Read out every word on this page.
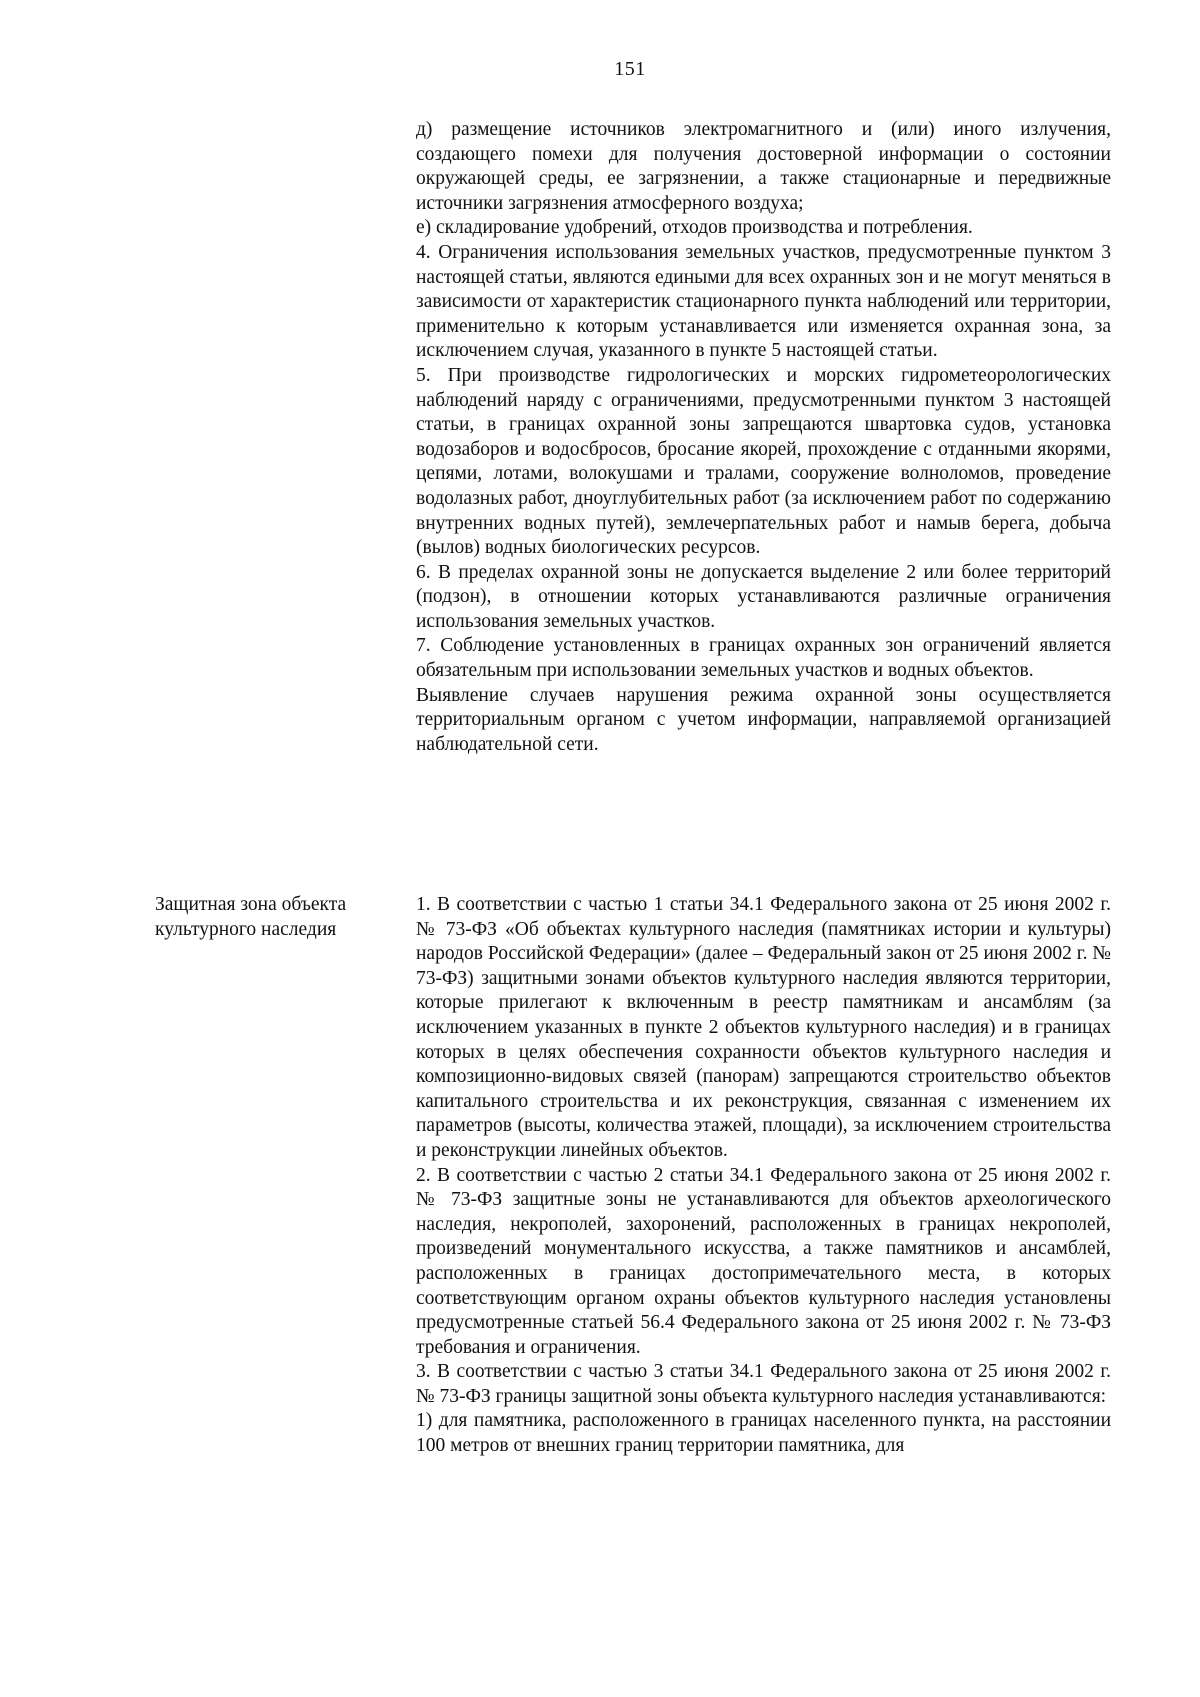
151

д) размещение источников электромагнитного и (или) иного излучения, создающего помехи для получения достоверной информации о состоянии окружающей среды, ее загрязнении, а также стационарные и передвижные источники загрязнения атмосферного воздуха;

е) складирование удобрений, отходов производства и потребления.

4. Ограничения использования земельных участков, предусмотренные пунктом 3 настоящей статьи, являются едиными для всех охранных зон и не могут меняться в зависимости от характеристик стационарного пункта наблюдений или территории, применительно к которым устанавливается или изменяется охранная зона, за исключением случая, указанного в пункте 5 настоящей статьи.

5. При производстве гидрологических и морских гидрометеорологических наблюдений наряду с ограничениями, предусмотренными пунктом 3 настоящей статьи, в границах охранной зоны запрещаются швартовка судов, установка водозаборов и водосбросов, бросание якорей, прохождение с отданными якорями, цепями, лотами, волокушами и тралами, сооружение волноломов, проведение водолазных работ, дноуглубительных работ (за исключением работ по содержанию внутренних водных путей), землечерпательных работ и намыв берега, добыча (вылов) водных биологических ресурсов.

6. В пределах охранной зоны не допускается выделение 2 или более территорий (подзон), в отношении которых устанавливаются различные ограничения использования земельных участков.

7. Соблюдение установленных в границах охранных зон ограничений является обязательным при использовании земельных участков и водных объектов.

Выявление случаев нарушения режима охранной зоны осуществляется территориальным органом с учетом информации, направляемой организацией наблюдательной сети.

Защитная зона объекта культурного наследия

1. В соответствии с частью 1 статьи 34.1 Федерального закона от 25 июня 2002 г. № 73-ФЗ «Об объектах культурного наследия (памятниках истории и культуры) народов Российской Федерации» (далее – Федеральный закон от 25 июня 2002 г. № 73-ФЗ) защитными зонами объектов культурного наследия являются территории, которые прилегают к включенным в реестр памятникам и ансамблям (за исключением указанных в пункте 2 объектов культурного наследия) и в границах которых в целях обеспечения сохранности объектов культурного наследия и композиционно-видовых связей (панорам) запрещаются строительство объектов капитального строительства и их реконструкция, связанная с изменением их параметров (высоты, количества этажей, площади), за исключением строительства и реконструкции линейных объектов.

2. В соответствии с частью 2 статьи 34.1 Федерального закона от 25 июня 2002 г. № 73-ФЗ защитные зоны не устанавливаются для объектов археологического наследия, некрополей, захоронений, расположенных в границах некрополей, произведений монументального искусства, а также памятников и ансамблей, расположенных в границах достопримечательного места, в которых соответствующим органом охраны объектов культурного наследия установлены предусмотренные статьей 56.4 Федерального закона от 25 июня 2002 г. № 73-ФЗ требования и ограничения.

3. В соответствии с частью 3 статьи 34.1 Федерального закона от 25 июня 2002 г. № 73-ФЗ границы защитной зоны объекта культурного наследия устанавливаются:

1) для памятника, расположенного в границах населенного пункта, на расстоянии 100 метров от внешних границ территории памятника, для
